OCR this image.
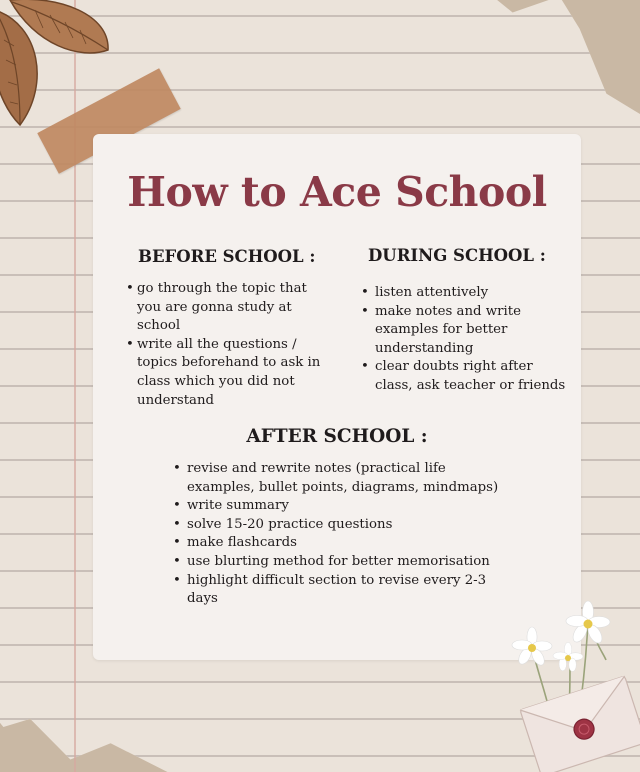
How to Ace School
BEFORE SCHOOL :
• go through the topic that you are gonna study at school
• write all the questions / topics beforehand to ask in class which you did not understand
DURING SCHOOL :
• listen attentively
• make notes and write examples for better understanding
• clear doubts right after class, ask teacher or friends
AFTER SCHOOL :
• revise and rewrite notes (practical life examples, bullet points, diagrams, mindmaps)
• write summary
• solve 15-20 practice questions
• make flashcards
• use blurting method for better memorisation
• highlight difficult section to revise every 2-3 days
